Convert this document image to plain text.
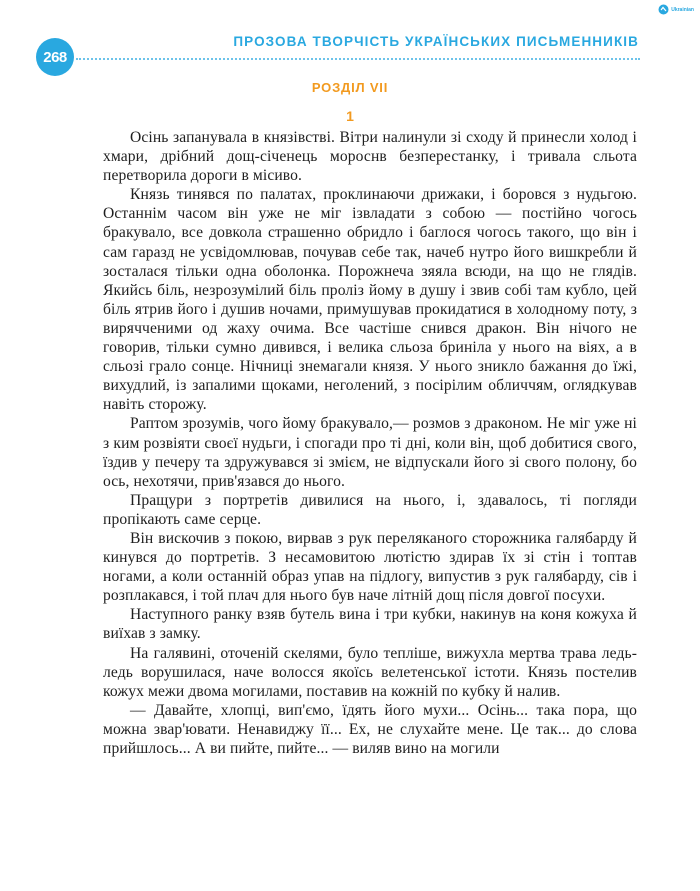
268
ПРОЗОВА ТВОРЧІСТЬ УКРАЇНСЬКИХ ПИСЬМЕННИКІВ
Ukrainian
РОЗДІЛ VII
1

Осінь запанувала в князівстві. Вітри налинули зі сходу й принесли холод і хмари, дрібний дощ-січенець мороснв безперестанку, і тривала сльота перетворила дороги в місиво.

Князь тинявся по палатах, проклинаючи дрижаки, і боровся з нудьгою. Останнім часом він уже не міг ізвладати з собою — постійно чогось бракувало, все довкола страшенно обридло і баглося чогось такого, що він і сам гаразд не усвідомлював, почував себе так, начеб нутро його вишкребли й зосталася тільки одна оболонка. Порожнеча зяяла всюди, на що не глядів. Якийсь біль, незрозумілий біль проліз йому в душу і звив собі там кубло, цей біль ятрив його і душив ночами, примушував прокидатися в холодному поту, з вирячченими од жаху очима. Все частіше снився дракон. Він нічого не говорив, тільки сумно дивився, і велика сльоза бриніла у нього на віях, а в сльозі грало сонце. Нічниці знемагали князя. У нього зникло бажання до їжі, вихудлий, із запалими щоками, неголений, з посірілим обличчям, оглядкував навіть сторожу.

Раптом зрозумів, чого йому бракувало,— розмов з драконом. Не міг уже ні з ким розвіяти своєї нудьги, і спогади про ті дні, коли він, щоб добитися свого, їздив у печеру та здружувався зі змієм, не відпускали його зі свого полону, бо ось, нехотячи, прив'язався до нього.

Пращури з портретів дивилися на нього, і, здавалось, ті погляди пропікають саме серце.

Він вискочив з покою, вирвав з рук переляканого сторожника галябарду й кинувся до портретів. З несамовитою лютістю здирав їх зі стін і топтав ногами, а коли останній образ упав на підлогу, випустив з рук галябарду, сів і розплакався, і той плач для нього був наче літній дощ після довгої посухи.

Наступного ранку взяв бутель вина і три кубки, накинув на коня кожуха й виїхав з замку.

На галявині, оточеній скелями, було тепліше, вижухла мертва трава ледь-ледь ворушилася, наче волосся якоїсь велетенської істоти. Князь постелив кожух межи двома могилами, поставив на кожній по кубку й налив.

— Давайте, хлопці, вип'ємо, їдять його мухи... Осінь... така пора, що можна звар'ювати. Ненавиджу її... Ех, не слухайте мене. Це так... до слова прийшлось... А ви пийте, пийте... — виляв вино на могили
